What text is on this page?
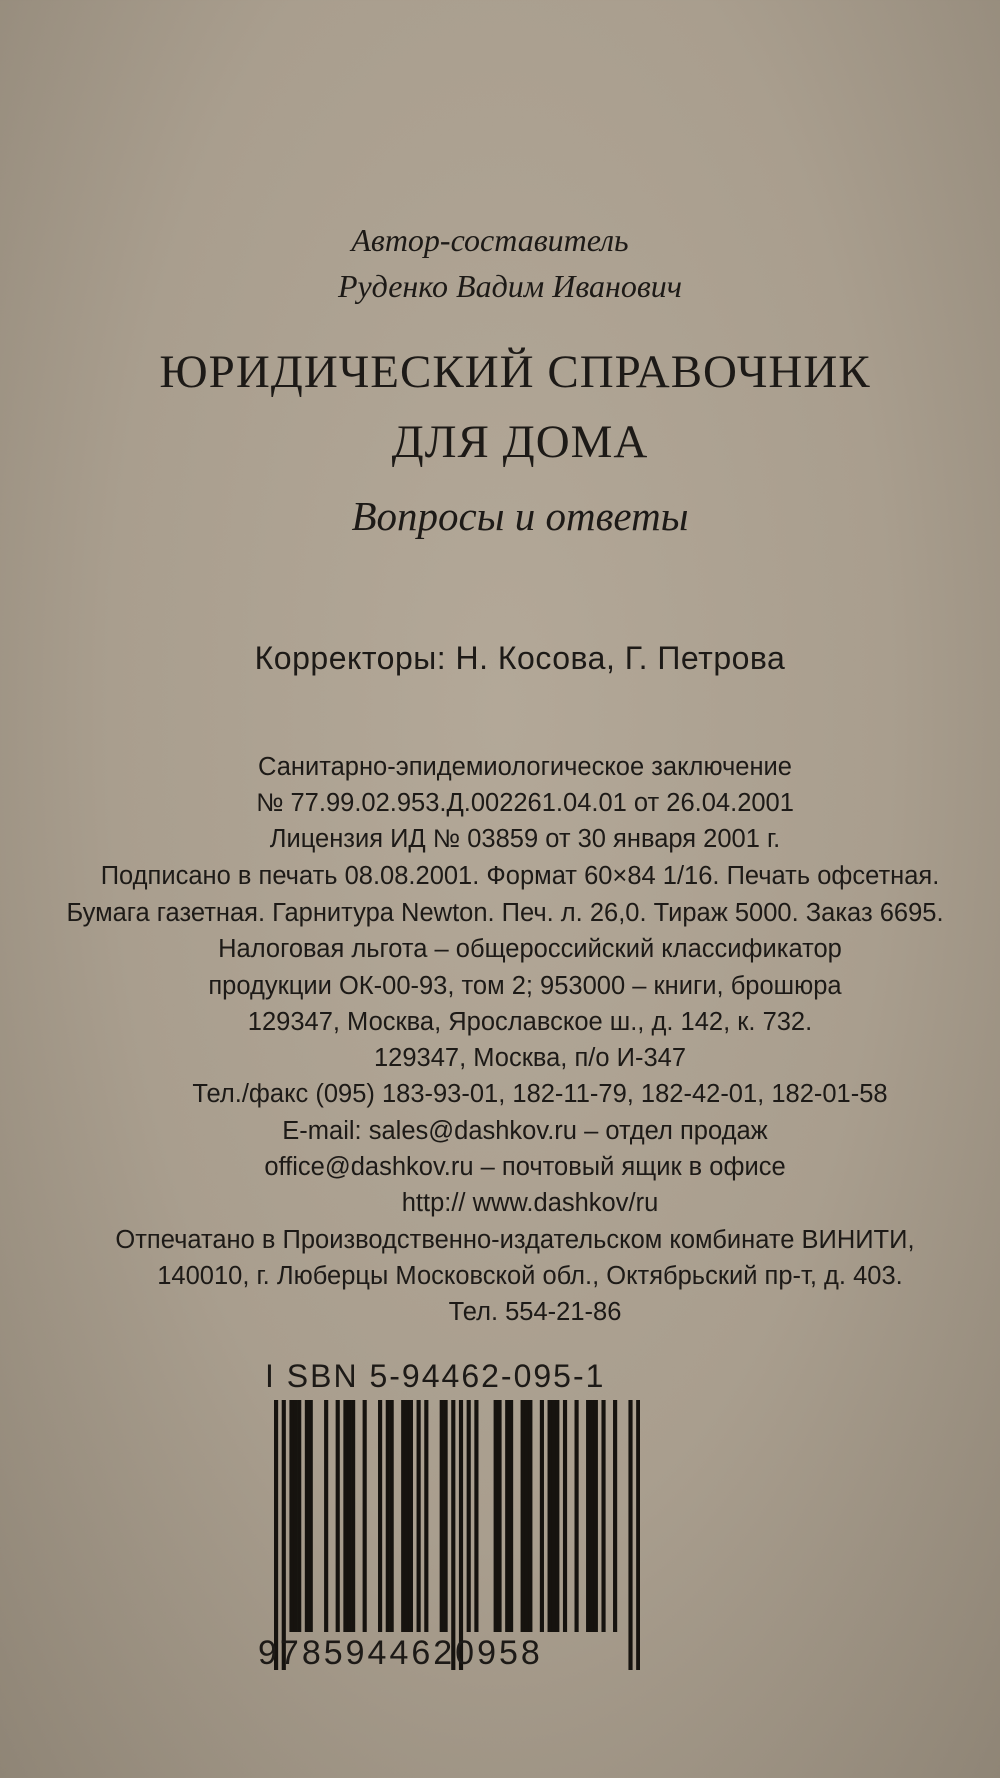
Автор-составитель
Руденко Вадим Иванович
ЮРИДИЧЕСКИЙ СПРАВОЧНИК
ДЛЯ ДОМА
Вопросы и ответы
Корректоры: Н. Косова, Г. Петрова
Санитарно-эпидемиологическое заключение
№ 77.99.02.953.Д.002261.04.01 от 26.04.2001
Лицензия ИД № 03859 от 30 января 2001 г.
Подписано в печать 08.08.2001. Формат 60×84 1/16. Печать офсетная.
Бумага газетная. Гарнитура Newton. Печ. л. 26,0. Тираж 5000. Заказ 6695.
Налоговая льгота – общероссийский классификатор
продукции ОК-00-93, том 2; 953000 – книги, брошюра
129347, Москва, Ярославское ш., д. 142, к. 732.
129347, Москва, п/о И-347
Тел./факс (095) 183-93-01, 182-11-79, 182-42-01, 182-01-58
E-mail: sales@dashkov.ru – отдел продаж
office@dashkov.ru – почтовый ящик в офисе
http:// www.dashkov/ru
Отпечатано в Производственно-издательском комбинате ВИНИТИ,
140010, г. Люберцы Московской обл., Октябрьский пр-т, д. 403.
Тел. 554-21-86
I SBN 5-94462-095-1
9785944620958
